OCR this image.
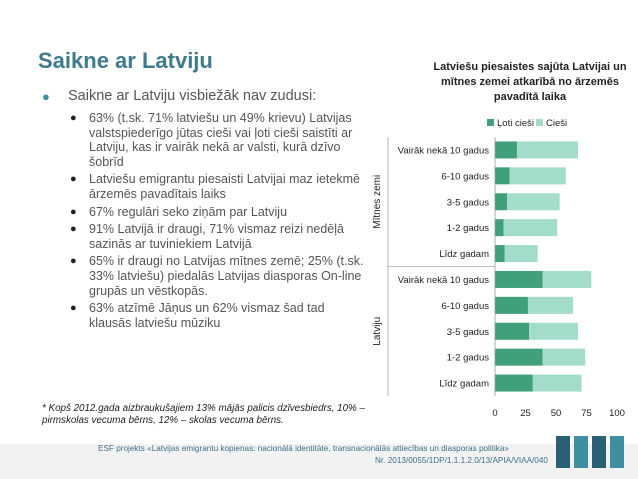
Saikne ar Latviju
● Saikne ar Latviju visbiežāk nav zudusi:
● 63% (t.sk. 71% latviešu un 49% krievu) Latvijas valstspiederīgo jūtas cieši vai ļoti cieši saistīti ar Latviju, kas ir vairāk nekā ar valsti, kurā dzīvo šobrīd
● Latviešu emigrantu piesaisti Latvijai maz ietekmē ārzemēs pavadītais laiks
● 67% regulāri seko ziņām par Latviju
● 91% Latvijā ir draugi, 71% vismaz reizi nedēļā sazinās ar tuviniekiem Latvijā
● 65% ir draugi no Latvijas mītnes zemē; 25% (t.sk. 33% latviešu) piedalās Latvijas diasporas On-line grupās un vēstkopās.
● 63% atzīmē Jāņus un 62% vismaz šad tad klausās latviešu mūziku
* Kopš 2012.gada aizbraukušajiem 13% mājās palicis dzīvesbiedrs, 10% – pirmskolas vecuma bērns, 12% – skolas vecuma bērns.
ESF projekts «Latvijas emigrantu kopienas: nacionālā identitāte, transnacionālās attiecības un diasporas politika»
Nr. 2013/0055/1DP/1.1.1.2.0/13/APIA/VIAA/040
Latviešu piesaistes sajūta Latvijai un
mītnes zemei atkarībā no ārzemēs
pavadītā laika
Ļoti cieši Cieši
Vairāk nekā 10 gadus
6-10 gadus
3-5 gadus
1-2 gadus
Līdz gadam
Mītnes zemi
Vairāk nekā 10 gadus
6-10 gadus
3-5 gadus
1-2 gadus
Līdz gadam
Latviju
0 25 50 75 100
